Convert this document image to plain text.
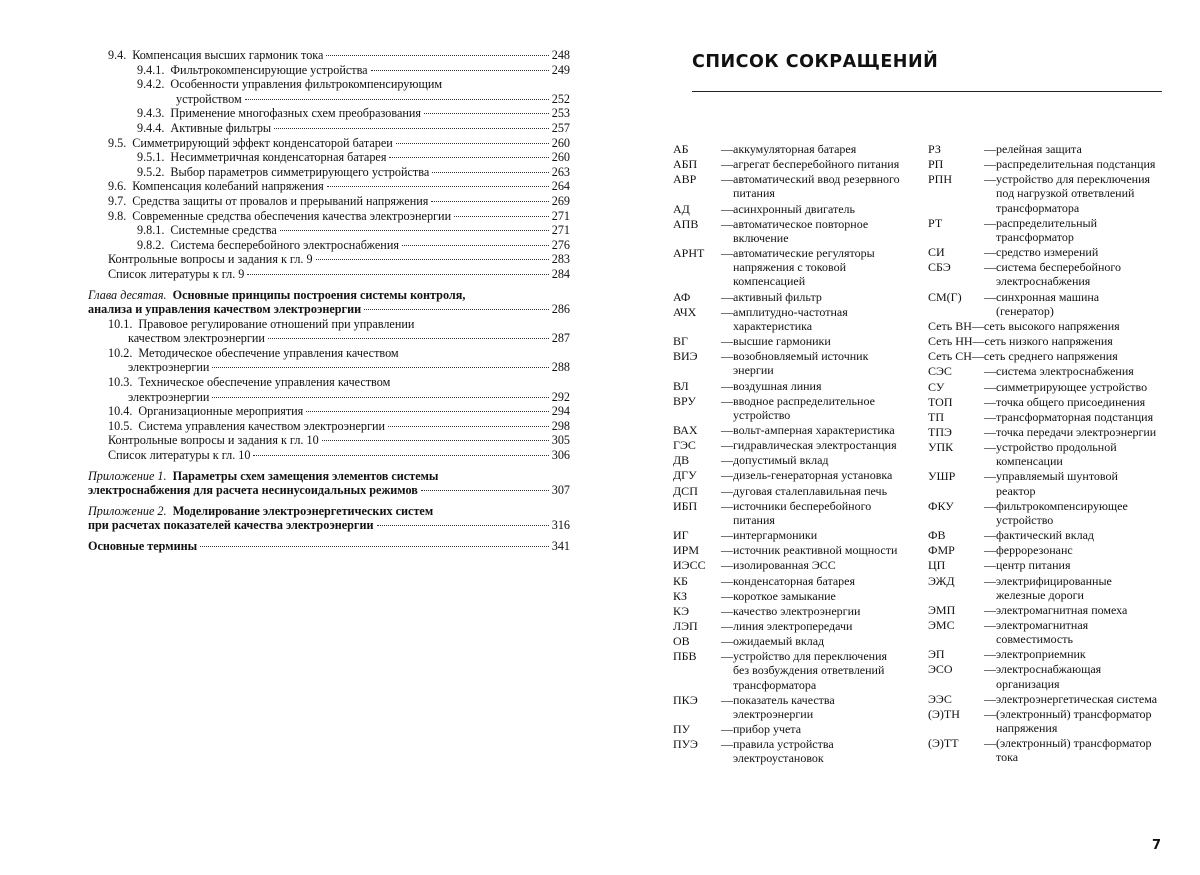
9.4. Компенсация высших гармоник тока	248
9.4.1. Фильтрокомпенсирующие устройства	249
9.4.2. Особенности управления фильтрокомпенсирующим
устройством	252
9.4.3. Применение многофазных схем преобразования	253
9.4.4. Активные фильтры	257
9.5. Симметрирующий эффект конденсаторой батареи	260
9.5.1. Несимметричная конденсаторная батарея	260
9.5.2. Выбор параметров симметрирующего устройства	263
9.6. Компенсация колебаний напряжения	264
9.7. Средства защиты от провалов и прерываний напряжения	269
9.8. Современные средства обеспечения качества электроэнергии	271
9.8.1. Системные средства	271
9.8.2. Система бесперебойного электроснабжения	276
Контрольные вопросы и задания к гл. 9	283
Список литературы к гл. 9	284
Глава десятая. Основные принципы построения системы контроля,
анализа и управления качеством электроэнергии	286
10.1. Правовое регулирование отношений при управлении
качеством электроэнергии	287
10.2. Методическое обеспечение управления качеством
электроэнергии	288
10.3. Техническое обеспечение управления качеством
электроэнергии	292
10.4. Организационные мероприятия	294
10.5. Система управления качеством электроэнергии	298
Контрольные вопросы и задания к гл. 10	305
Список литературы к гл. 10	306
Приложение 1. Параметры схем замещения элементов системы
электроснабжения для расчета несинусоидальных режимов	307
Приложение 2. Моделирование электроэнергетических систем
при расчетах показателей качества электроэнергии	316
Основные термины	341
СПИСОК СОКРАЩЕНИЙ
АБ	— аккумуляторная батарея
АБП	— агрегат бесперебойного питания
АВР	— автоматический ввод резервного питания
АД	— асинхронный двигатель
АПВ	— автоматическое повторное включение
АРНТ	— автоматические регуляторы напряжения с токовой компенсацией
АФ	— активный фильтр
АЧХ	— амплитудно-частотная характеристика
ВГ	— высшие гармоники
ВИЭ	— возобновляемый источник энергии
ВЛ	— воздушная линия
ВРУ	— вводное распределительное устройство
ВАХ	— вольт-амперная характеристика
ГЭС	— гидравлическая электростанция
ДВ	— допустимый вклад
ДГУ	— дизель-генераторная установка
ДСП	— дуговая сталеплавильная печь
ИБП	— источники бесперебойного питания
ИГ	— интергармоники
ИРМ	— источник реактивной мощности
ИЭСС	— изолированная ЭСС
КБ	— конденсаторная батарея
КЗ	— короткое замыкание
КЭ	— качество электроэнергии
ЛЭП	— линия электропередачи
ОВ	— ожидаемый вклад
ПБВ	— устройство для переключения без возбуждения ответвлений трансформатора
ПКЭ	— показатель качества электроэнергии
ПУ	— прибор учета
ПУЭ	— правила устройства электроустановок
РЗ	— релейная защита
РП	— распределительная подстанция
РПН	— устройство для переключения под нагрузкой ответвлений трансформатора
РТ	— распределительный трансформатор
СИ	— средство измерений
СБЭ	— система бесперебойного электроснабжения
СМ(Г)	— синхронная машина (генератор)
Сеть ВН — сеть высокого напряжения
Сеть НН — сеть низкого напряжения
Сеть СН — сеть среднего напряжения
СЭС	— система электроснабжения
СУ	— симметрирующее устройство
ТОП	— точка общего присоединения
ТП	— трансформаторная подстанция
ТПЭ	— точка передачи электроэнергии
УПК	— устройство продольной компенсации
УШР	— управляемый шунтовой реактор
ФКУ	— фильтрокомпенсирующее устройство
ФВ	— фактический вклад
ФМР	— феррорезонанс
ЦП	— центр питания
ЭЖД	— электрифицированные железные дороги
ЭМП	— электромагнитная помеха
ЭМС	— электромагнитная совместимость
ЭП	— электроприемник
ЭСО	— электроснабжающая организация
ЭЭС	— электроэнергетическая система
(Э)ТН	— (электронный) трансформатор напряжения
(Э)ТТ	— (электронный) трансформатор тока
7
